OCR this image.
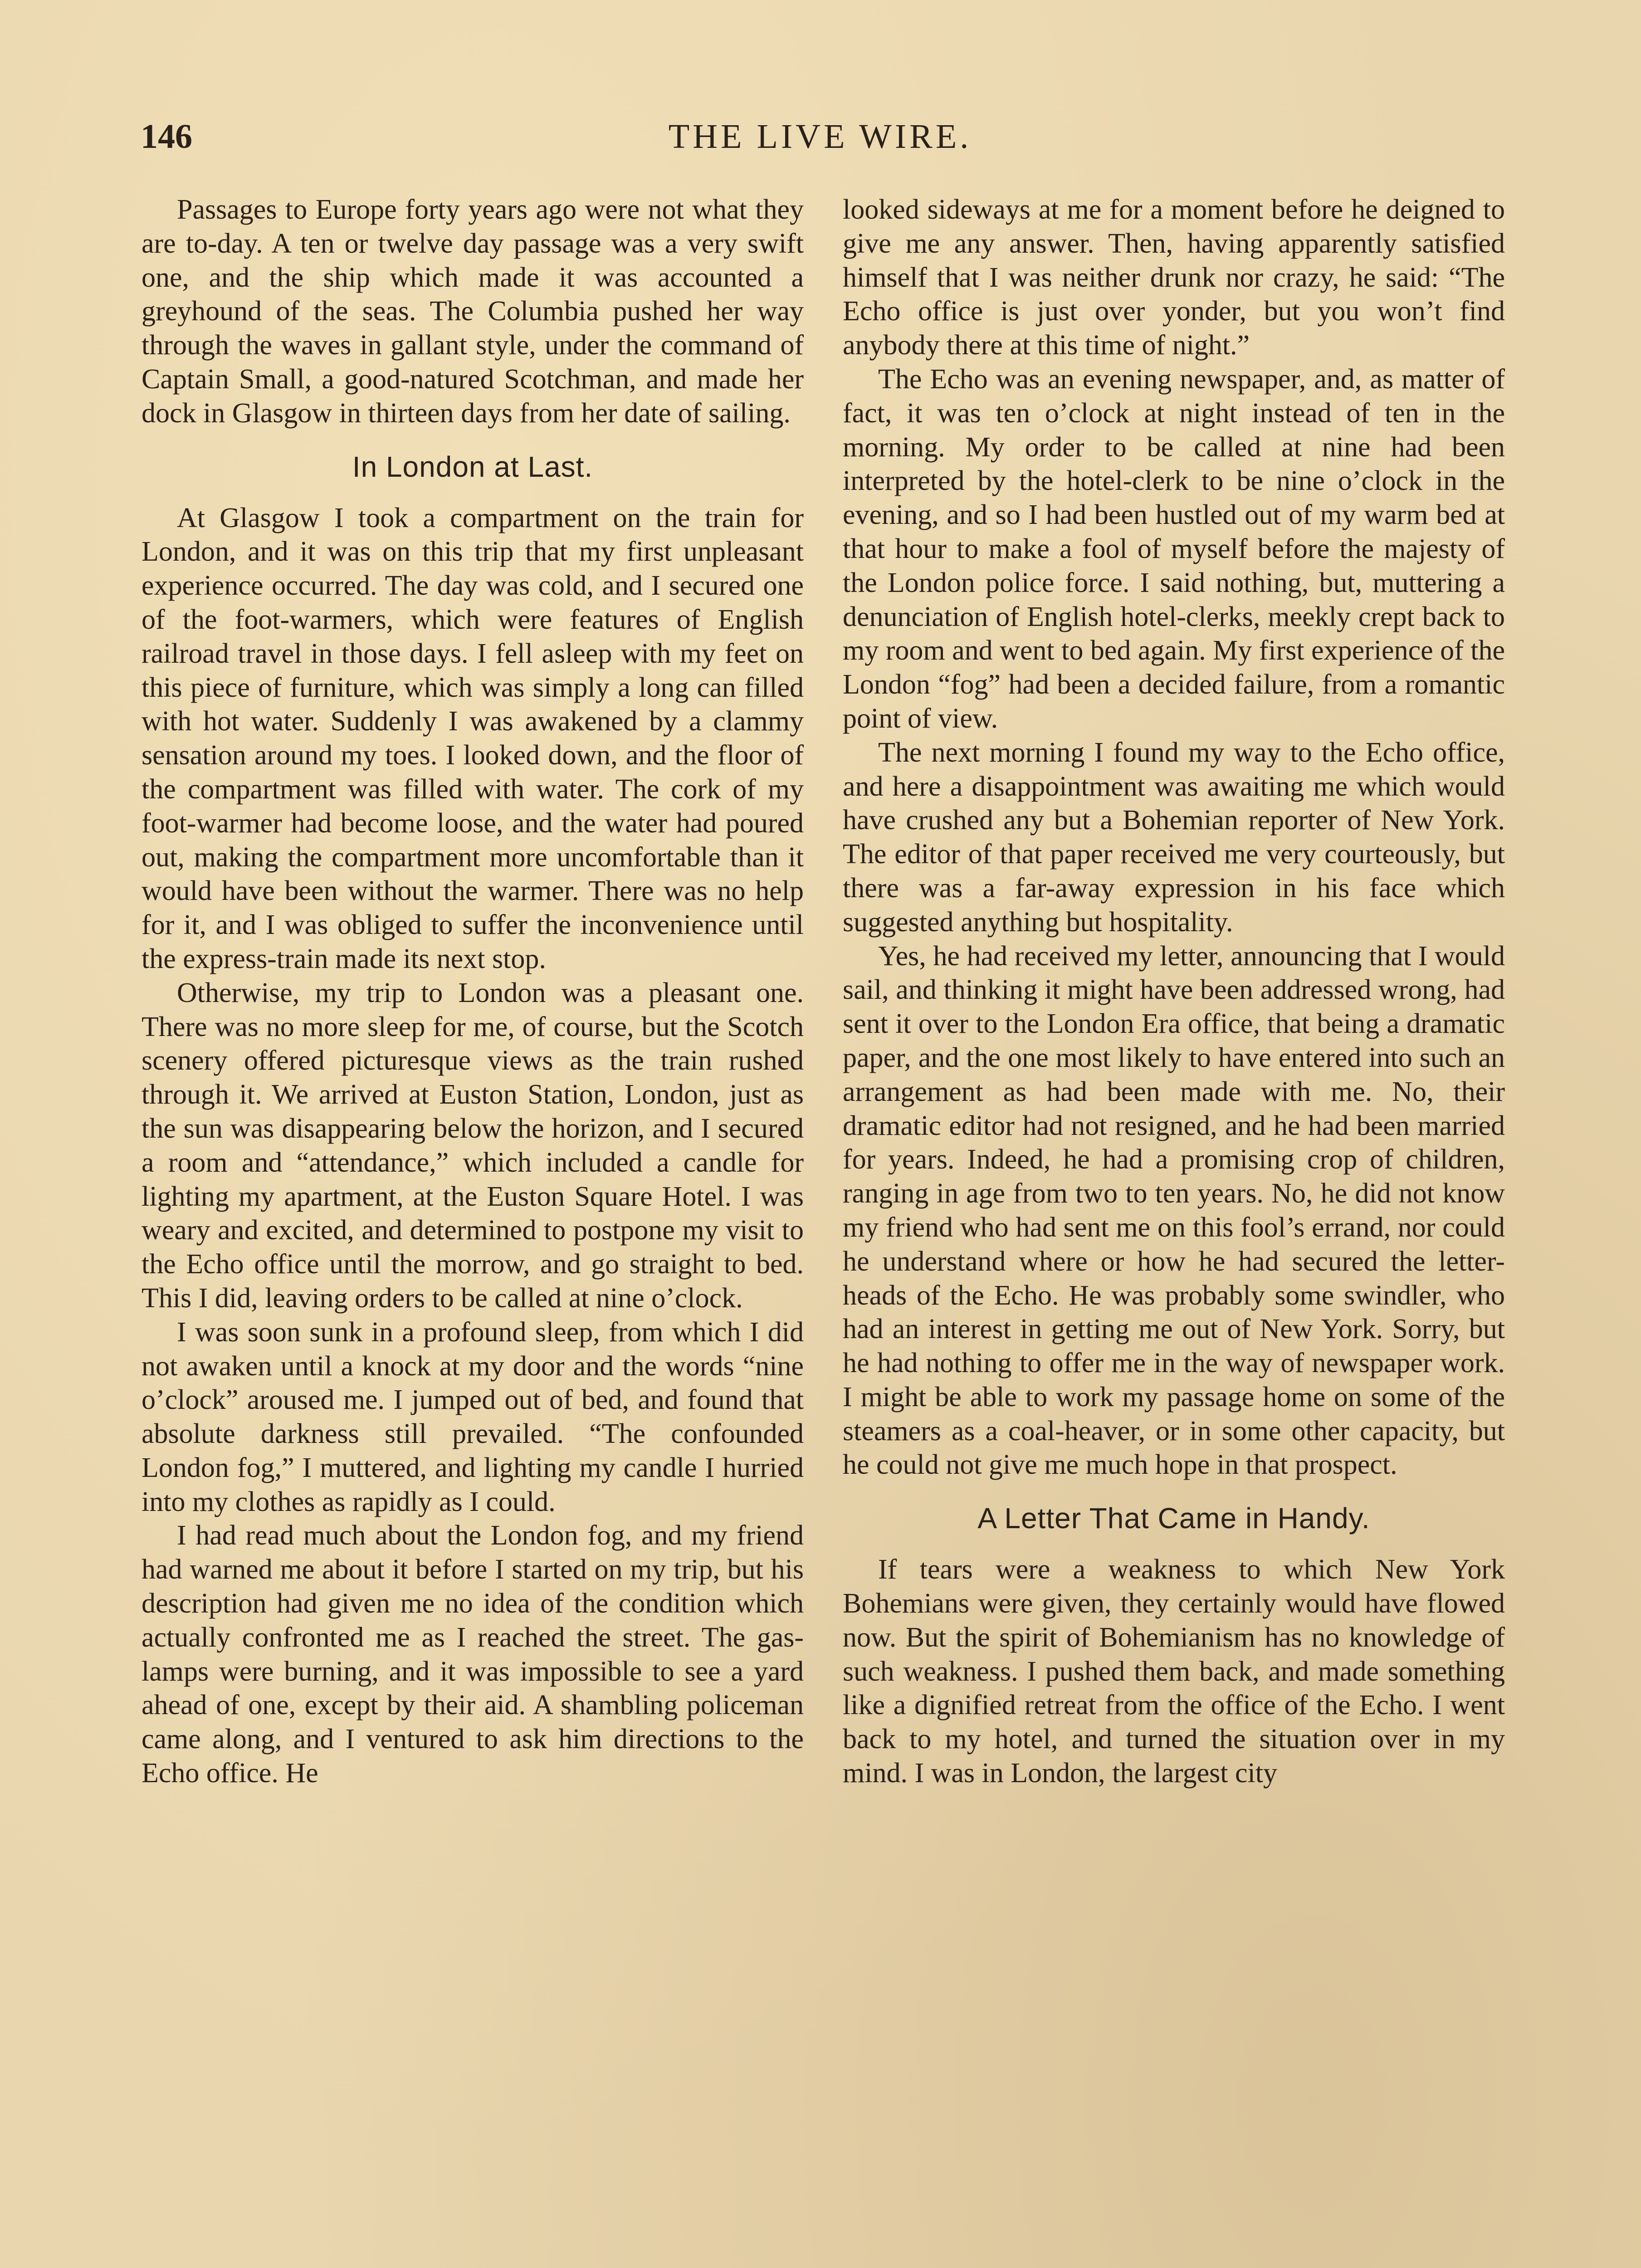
146	THE LIVE WIRE.

Passages to Europe forty years ago were not what they are to-day. A ten or twelve day passage was a very swift one, and the ship which made it was accounted a greyhound of the seas. The Columbia pushed her way through the waves in gallant style, under the command of Captain Small, a good-natured Scotchman, and made her dock in Glasgow in thirteen days from her date of sailing.

In London at Last.

At Glasgow I took a compartment on the train for London, and it was on this trip that my first unpleasant experience occurred. The day was cold, and I secured one of the foot-warmers, which were features of English railroad travel in those days. I fell asleep with my feet on this piece of furniture, which was simply a long can filled with hot water. Suddenly I was awakened by a clammy sensation around my toes. I looked down, and the floor of the compartment was filled with water. The cork of my foot-warmer had become loose, and the water had poured out, making the compartment more uncomfortable than it would have been without the warmer. There was no help for it, and I was obliged to suffer the inconvenience until the express-train made its next stop.

Otherwise, my trip to London was a pleasant one. There was no more sleep for me, of course, but the Scotch scenery offered picturesque views as the train rushed through it. We arrived at Euston Station, London, just as the sun was disappearing below the horizon, and I secured a room and “attendance,” which included a candle for lighting my apartment, at the Euston Square Hotel. I was weary and excited, and determined to postpone my visit to the Echo office until the morrow, and go straight to bed. This I did, leaving orders to be called at nine o’clock.

I was soon sunk in a profound sleep, from which I did not awaken until a knock at my door and the words “nine o’clock” aroused me. I jumped out of bed, and found that absolute darkness still prevailed. “The confounded London fog,” I muttered, and lighting my candle I hurried into my clothes as rapidly as I could.

I had read much about the London fog, and my friend had warned me about it before I started on my trip, but his description had given me no idea of the condition which actually confronted me as I reached the street. The gas-lamps were burning, and it was impossible to see a yard ahead of one, except by their aid. A shambling policeman came along, and I ventured to ask him directions to the Echo office. He

looked sideways at me for a moment before he deigned to give me any answer. Then, having apparently satisfied himself that I was neither drunk nor crazy, he said: “The Echo office is just over yonder, but you won’t find anybody there at this time of night.”

The Echo was an evening newspaper, and, as matter of fact, it was ten o’clock at night instead of ten in the morning. My order to be called at nine had been interpreted by the hotel-clerk to be nine o’clock in the evening, and so I had been hustled out of my warm bed at that hour to make a fool of myself before the majesty of the London police force. I said nothing, but, muttering a denunciation of English hotel-clerks, meekly crept back to my room and went to bed again. My first experience of the London “fog” had been a decided failure, from a romantic point of view.

The next morning I found my way to the Echo office, and here a disappointment was awaiting me which would have crushed any but a Bohemian reporter of New York. The editor of that paper received me very courteously, but there was a far-away expression in his face which suggested anything but hospitality.

Yes, he had received my letter, announcing that I would sail, and thinking it might have been addressed wrong, had sent it over to the London Era office, that being a dramatic paper, and the one most likely to have entered into such an arrangement as had been made with me. No, their dramatic editor had not resigned, and he had been married for years. Indeed, he had a promising crop of children, ranging in age from two to ten years. No, he did not know my friend who had sent me on this fool’s errand, nor could he understand where or how he had secured the letter-heads of the Echo. He was probably some swindler, who had an interest in getting me out of New York. Sorry, but he had nothing to offer me in the way of newspaper work. I might be able to work my passage home on some of the steamers as a coal-heaver, or in some other capacity, but he could not give me much hope in that prospect.

A Letter That Came in Handy.

If tears were a weakness to which New York Bohemians were given, they certainly would have flowed now. But the spirit of Bohemianism has no knowledge of such weakness. I pushed them back, and made something like a dignified retreat from the office of the Echo. I went back to my hotel, and turned the situation over in my mind. I was in London, the largest city
